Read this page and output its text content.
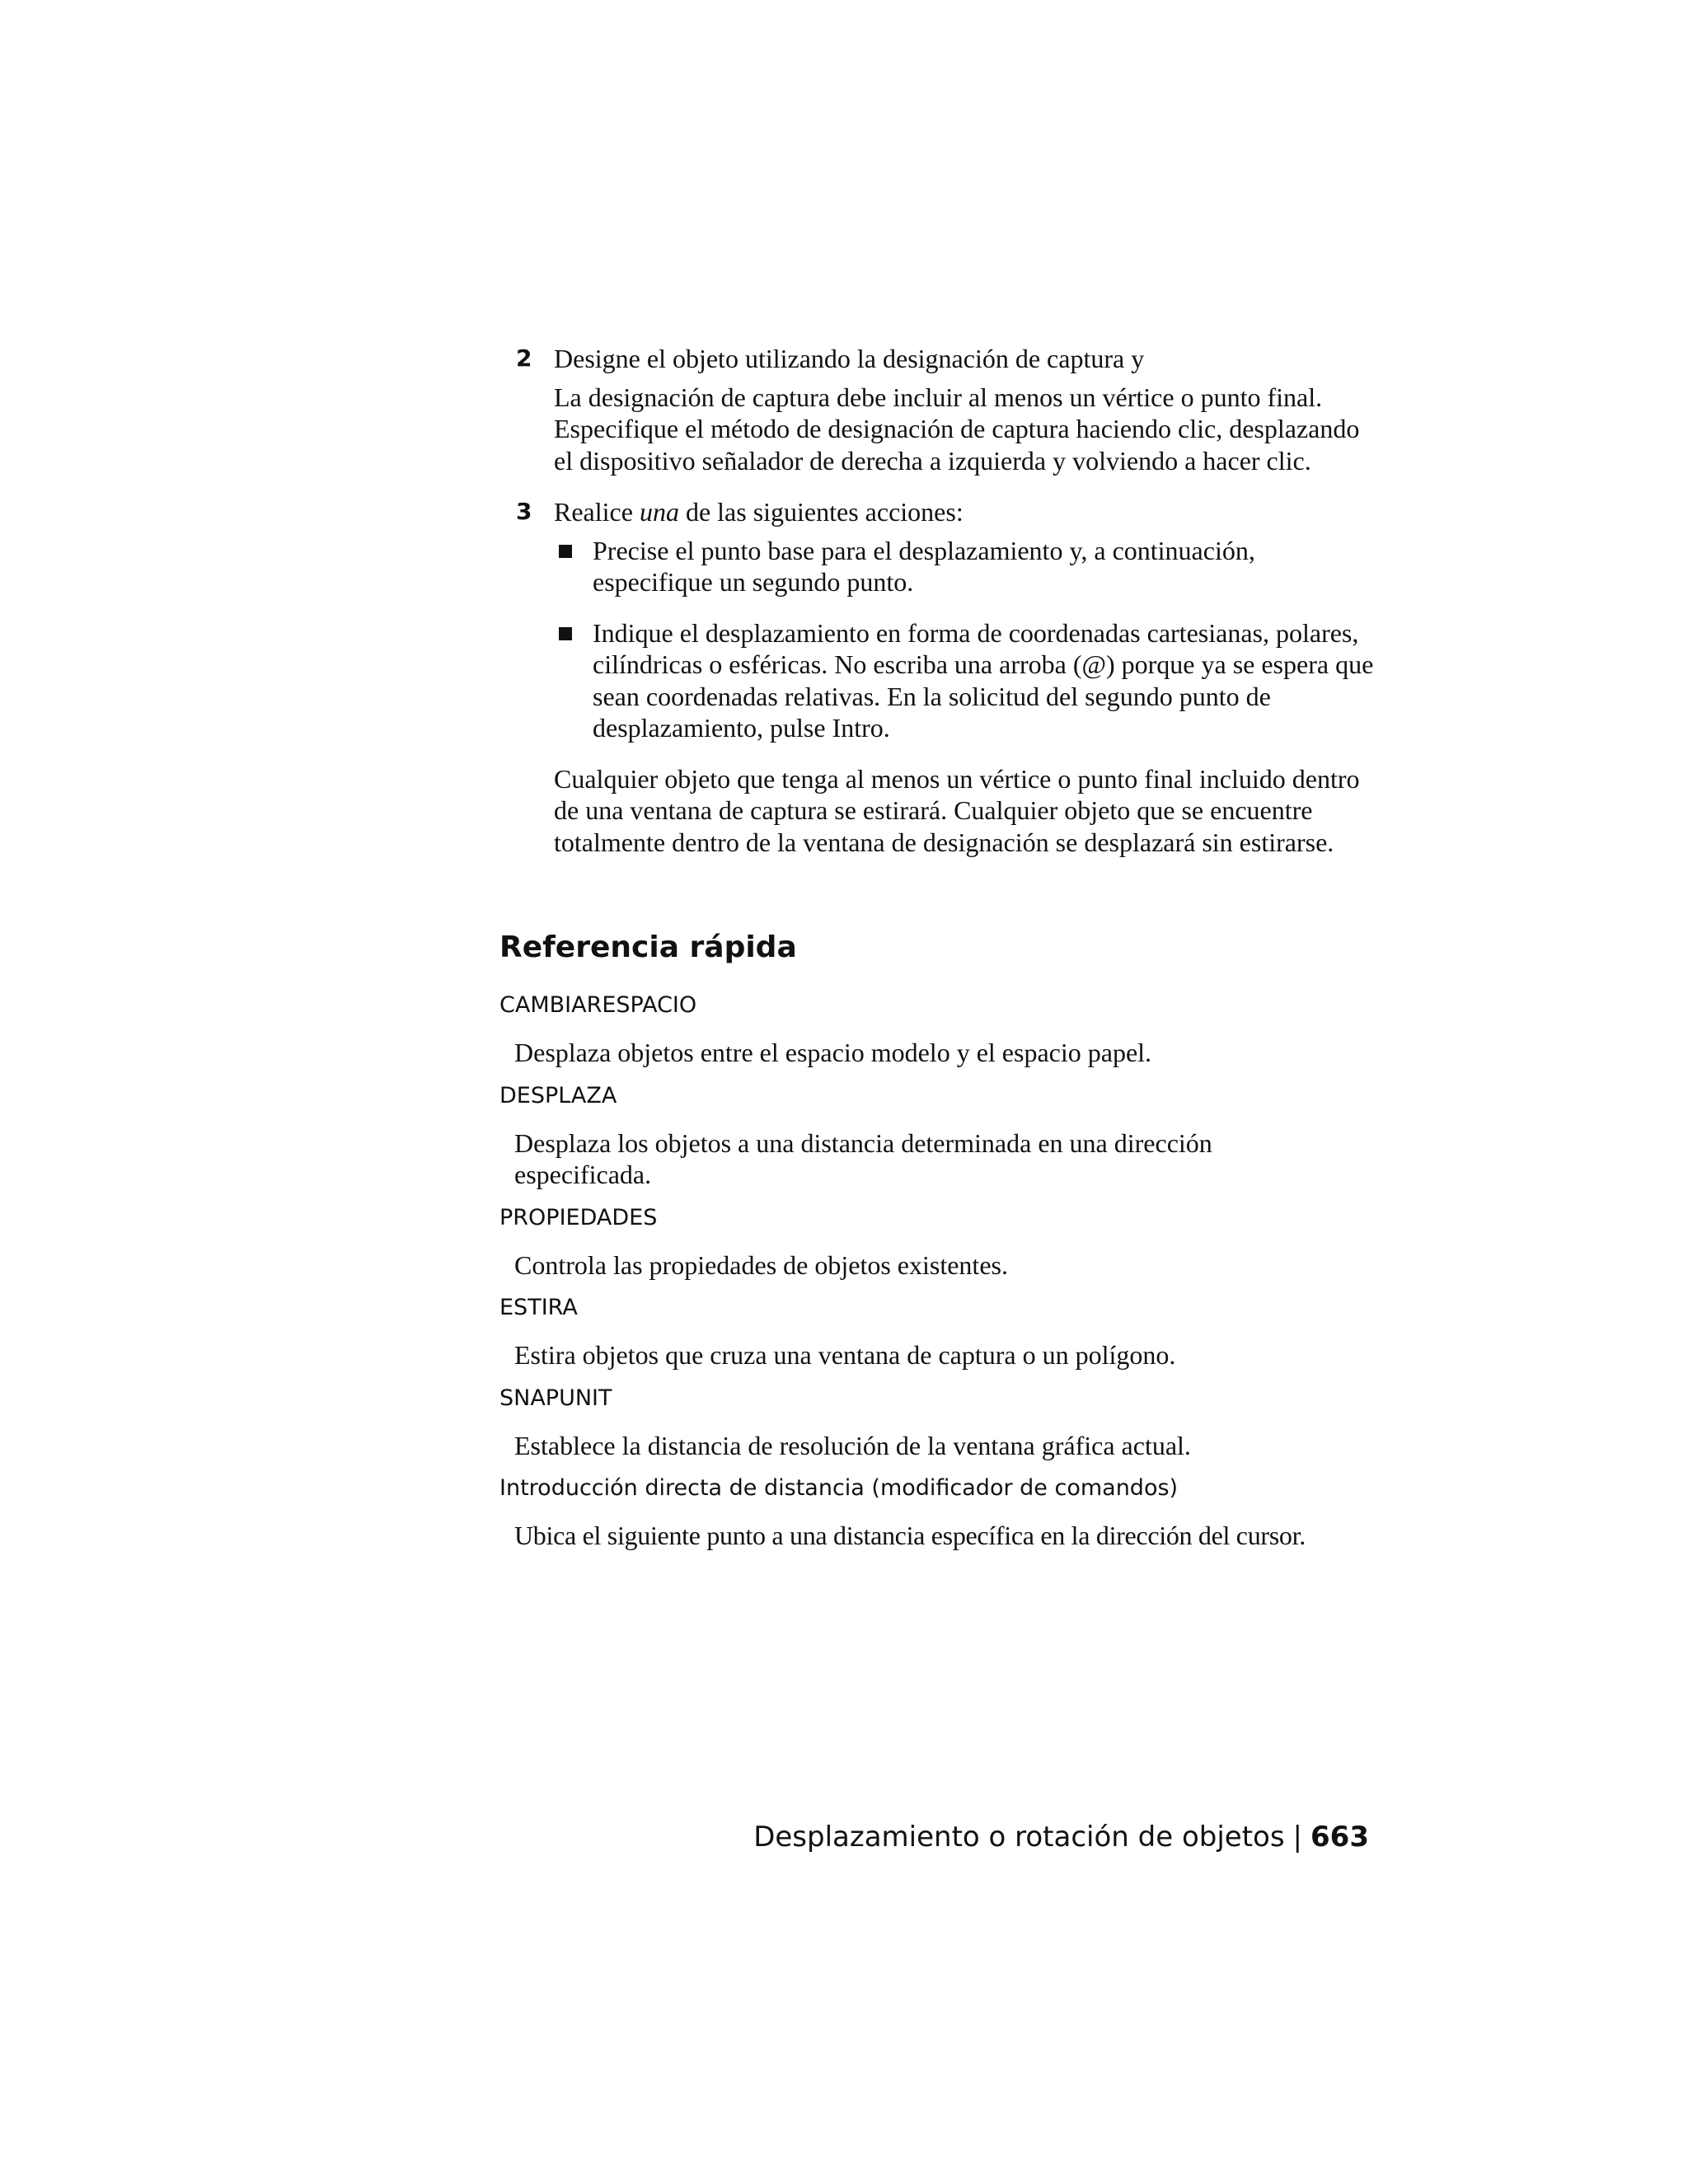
2 Designe el objeto utilizando la designación de captura y

La designación de captura debe incluir al menos un vértice o punto final. Especifique el método de designación de captura haciendo clic, desplazando el dispositivo señalador de derecha a izquierda y volviendo a hacer clic.

3 Realice una de las siguientes acciones:

Precise el punto base para el desplazamiento y, a continuación, especifique un segundo punto.
Indique el desplazamiento en forma de coordenadas cartesianas, polares, cilíndricas o esféricas. No escriba una arroba (@) porque ya se espera que sean coordenadas relativas. En la solicitud del segundo punto de desplazamiento, pulse Intro.

Cualquier objeto que tenga al menos un vértice o punto final incluido dentro de una ventana de captura se estirará. Cualquier objeto que se encuentre totalmente dentro de la ventana de designación se desplazará sin estirarse.

Referencia rápida

CAMBIARESPACIO

Desplaza objetos entre el espacio modelo y el espacio papel.

DESPLAZA

Desplaza los objetos a una distancia determinada en una dirección especificada.

PROPIEDADES

Controla las propiedades de objetos existentes.

ESTIRA

Estira objetos que cruza una ventana de captura o un polígono.

SNAPUNIT

Establece la distancia de resolución de la ventana gráfica actual.

Introducción directa de distancia (modificador de comandos)

Ubica el siguiente punto a una distancia específica en la dirección del cursor.

Desplazamiento o rotación de objetos | 663
